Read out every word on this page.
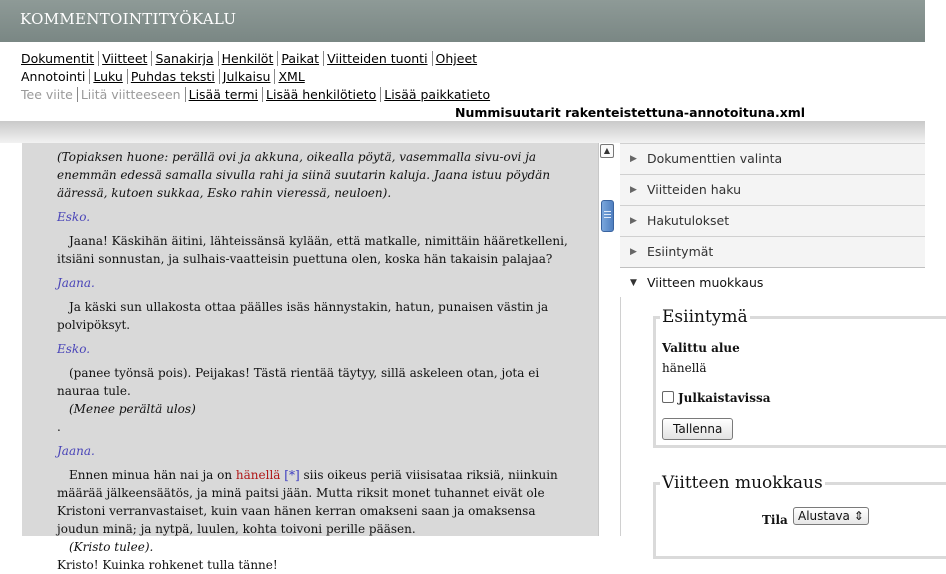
KOMMENTOINTITYÖKALU
Dokumentit Viitteet Sanakirja Henkilöt Paikat Viitteiden tuonti Ohjeet
Annotointi Luku Puhdas teksti Julkaisu XML
Tee viite Liitä viitteeseen Lisää termi Lisää henkilötieto Lisää paikkatieto
Nummisuutarit rakenteistettuna-annotoituna.xml
(Topiaksen huone: perällä ovi ja akkuna, oikealla pöytä, vasemmalla sivu-ovi ja enemmän edessä samalla sivulla rahi ja siinä suutarin kaluja. Jaana istuu pöydän ääressä, kutoen sukkaa, Esko rahin vieressä, neuloen).
Esko.
Jaana! Käskihän äitini, lähteissänsä kylään, että matkalle, nimittäin hääretkelleni, itsiäni sonnustan, ja sulhais-vaatteisin puettuna olen, koska hän takaisin palajaa?
Jaana.
Ja käski sun ullakosta ottaa päälles isäs hännystakin, hatun, punaisen västin ja polvipöksyt.
Esko.
(panee työnsä pois). Peijakas! Tästä rientää täytyy, sillä askeleen otan, jota ei nauraa tule.
(Menee perältä ulos)
.
Jaana.
Ennen minua hän nai ja on hänellä [*] siis oikeus periä viisisataa riksiä, niinkuin määrää jälkeensäätös, ja minä paitsi jään. Mutta riksit monet tuhannet eivät ole Kristoni verranvastaiset, kuin vaan hänen kerran omakseni saan ja omaksensa joudun minä; ja nytpä, luulen, kohta toivoni perille pääsen.
(Kristo tulee).
Kristo! Kuinka rohkenet tulla tänne!
▲
▶ Dokumenttien valinta
▶ Viitteiden haku
▶ Hakutulokset
▶ Esiintymät
▼ Viitteen muokkaus
Esiintymä
Valittu alue
hänellä
Julkaistavissa
Tallenna
Viitteen muokkaus
Tila Alustava ⇕
